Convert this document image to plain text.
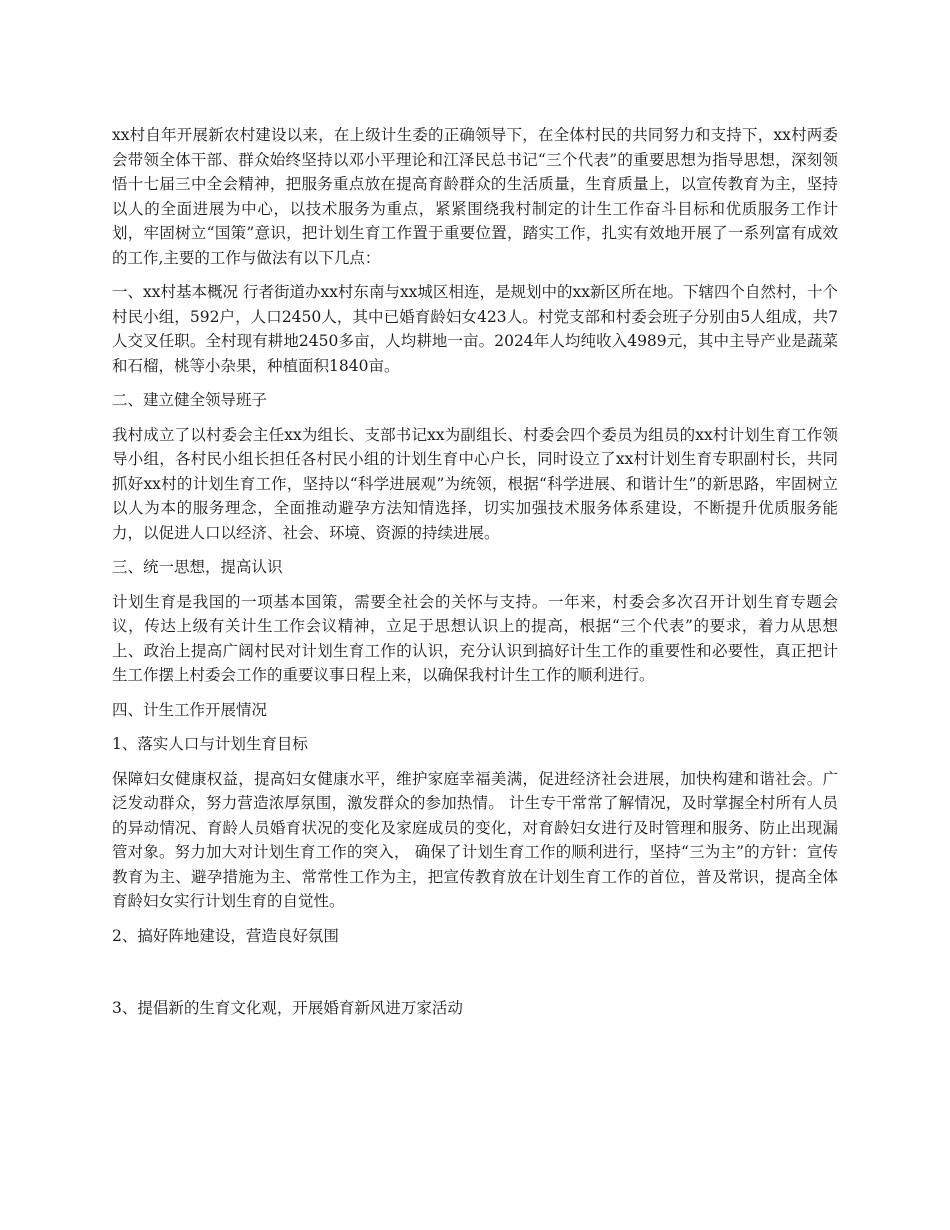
xx村自年开展新农村建设以来，在上级计生委的正确领导下，在全体村民的共同努力和支持下，xx村两委会带领全体干部、群众始终坚持以邓小平理论和江泽民总书记“三个代表”的重要思想为指导思想，深刻领悟十七届三中全会精神，把服务重点放在提高育龄群众的生活质量，生育质量上，以宣传教育为主，坚持以人的全面进展为中心，以技术服务为重点，紧紧围绕我村制定的计生工作奋斗目标和优质服务工作计划，牢固树立“国策”意识，把计划生育工作置于重要位置，踏实工作，扎实有效地开展了一系列富有成效的工作,主要的工作与做法有以下几点：

一、xx村基本概况 行者街道办xx村东南与xx城区相连，是规划中的xx新区所在地。下辖四个自然村，十个村民小组，592户，人口2450人，其中已婚育龄妇女423人。村党支部和村委会班子分别由5人组成，共7人交叉任职。全村现有耕地2450多亩，人均耕地一亩。2024年人均纯收入4989元，其中主导产业是蔬菜和石榴，桃等小杂果，种植面积1840亩。

二、建立健全领导班子

我村成立了以村委会主任xx为组长、支部书记xx为副组长、村委会四个委员为组员的xx村计划生育工作领导小组，各村民小组长担任各村民小组的计划生育中心户长，同时设立了xx村计划生育专职副村长，共同抓好xx村的计划生育工作，坚持以“科学进展观”为统领，根据“科学进展、和谐计生”的新思路，牢固树立以人为本的服务理念，全面推动避孕方法知情选择，切实加强技术服务体系建设，不断提升优质服务能力，以促进人口以经济、社会、环境、资源的持续进展。

三、统一思想，提高认识

计划生育是我国的一项基本国策，需要全社会的关怀与支持。一年来，村委会多次召开计划生育专题会议，传达上级有关计生工作会议精神，立足于思想认识上的提高，根据“三个代表”的要求，着力从思想上、政治上提高广阔村民对计划生育工作的认识，充分认识到搞好计生工作的重要性和必要性，真正把计生工作摆上村委会工作的重要议事日程上来，以确保我村计生工作的顺利进行。

四、计生工作开展情况

1、落实人口与计划生育目标

保障妇女健康权益，提高妇女健康水平，维护家庭幸福美满，促进经济社会进展，加快构建和谐社会。广泛发动群众，努力营造浓厚氛围，激发群众的参加热情。 计生专干常常了解情况，及时掌握全村所有人员的异动情况、育龄人员婚育状况的变化及家庭成员的变化，对育龄妇女进行及时管理和服务、防止出现漏管对象。努力加大对计划生育工作的突入， 确保了计划生育工作的顺利进行，坚持“三为主”的方针：宣传教育为主、避孕措施为主、常常性工作为主，把宣传教育放在计划生育工作的首位，普及常识，提高全体育龄妇女实行计划生育的自觉性。

2、搞好阵地建设，营造良好氛围

3、提倡新的生育文化观，开展婚育新风进万家活动
